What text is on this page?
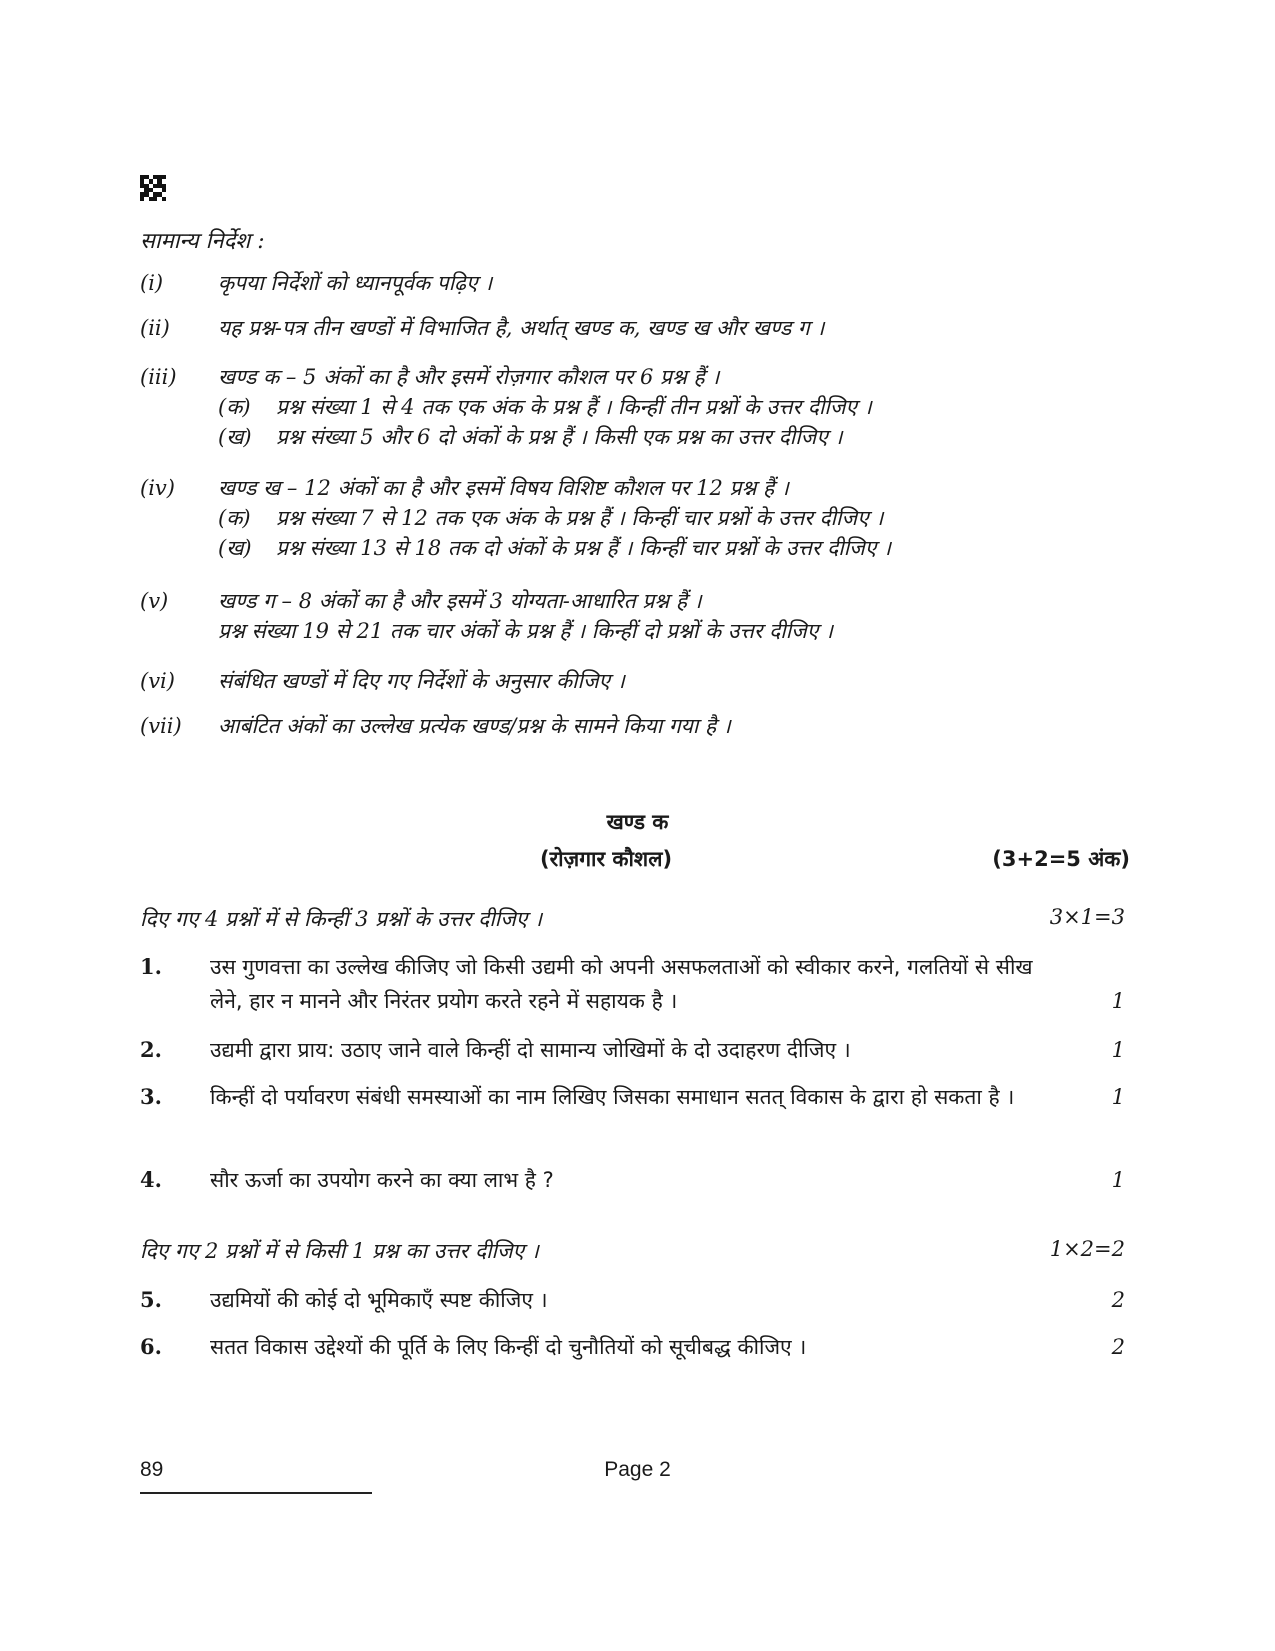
सामान्य निर्देश :
(i)	कृपया निर्देशों को ध्यानपूर्वक पढ़िए ।
(ii)	यह प्रश्न-पत्र तीन खण्डों में विभाजित है, अर्थात् खण्ड क, खण्ड ख और खण्ड ग ।
(iii)	खण्ड क – 5 अंकों का है और इसमें रोज़गार कौशल पर 6 प्रश्न हैं ।
(क) प्रश्न संख्या 1 से 4 तक एक अंक के प्रश्न हैं । किन्हीं तीन प्रश्नों के उत्तर दीजिए ।
(ख) प्रश्न संख्या 5 और 6 दो अंकों के प्रश्न हैं । किसी एक प्रश्न का उत्तर दीजिए ।
(iv)	खण्ड ख – 12 अंकों का है और इसमें विषय विशिष्ट कौशल पर 12 प्रश्न हैं ।
(क) प्रश्न संख्या 7 से 12 तक एक अंक के प्रश्न हैं । किन्हीं चार प्रश्नों के उत्तर दीजिए ।
(ख) प्रश्न संख्या 13 से 18 तक दो अंकों के प्रश्न हैं । किन्हीं चार प्रश्नों के उत्तर दीजिए ।
(v)	खण्ड ग – 8 अंकों का है और इसमें 3 योग्यता-आधारित प्रश्न हैं ।
प्रश्न संख्या 19 से 21 तक चार अंकों के प्रश्न हैं । किन्हीं दो प्रश्नों के उत्तर दीजिए ।
(vi)	संबंधित खण्डों में दिए गए निर्देशों के अनुसार कीजिए ।
(vii)	आबंटित अंकों का उल्लेख प्रत्येक खण्ड/प्रश्न के सामने किया गया है ।
खण्ड क
(रोज़गार कौशल)	(3+2=5 अंक)
दिए गए 4 प्रश्नों में से किन्हीं 3 प्रश्नों के उत्तर दीजिए ।	3×1=3
1. उस गुणवत्ता का उल्लेख कीजिए जो किसी उद्यमी को अपनी असफलताओं को स्वीकार करने, गलतियों से सीख लेने, हार न मानने और निरंतर प्रयोग करते रहने में सहायक है ।	1
2. उद्यमी द्वारा प्राय: उठाए जाने वाले किन्हीं दो सामान्य जोखिमों के दो उदाहरण दीजिए ।	1
3. किन्हीं दो पर्यावरण संबंधी समस्याओं का नाम लिखिए जिसका समाधान सतत् विकास के द्वारा हो सकता है ।	1
4. सौर ऊर्जा का उपयोग करने का क्या लाभ है ?	1
दिए गए 2 प्रश्नों में से किसी 1 प्रश्न का उत्तर दीजिए ।	1×2=2
5. उद्यमियों की कोई दो भूमिकाएँ स्पष्ट कीजिए ।	2
6. सतत विकास उद्देश्यों की पूर्ति के लिए किन्हीं दो चुनौतियों को सूचीबद्ध कीजिए ।	2
89	Page 2
